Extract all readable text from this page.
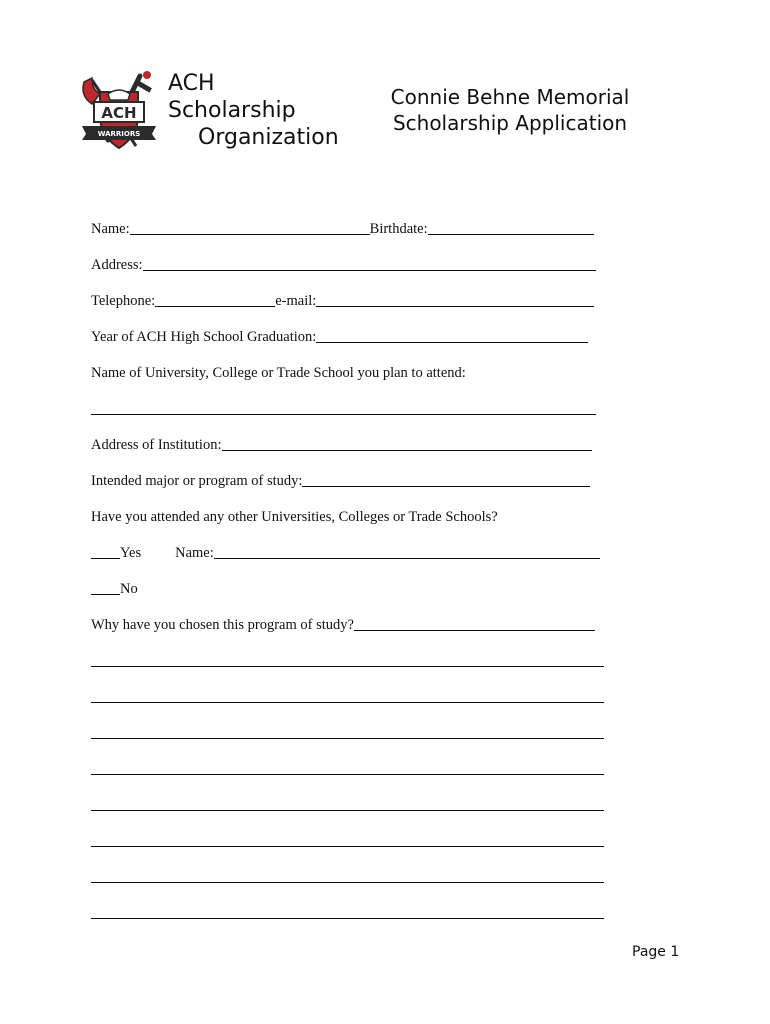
ACH
WARRIORS
ACH
Scholarship
Organization
Connie Behne Memorial
Scholarship Application
Name:	Birthdate:
Address:
Telephone:	e-mail:
Year of ACH High School Graduation:
Name of University, College or Trade School you plan to attend:
Address of Institution:
Intended major or program of study:
Have you attended any other Universities, Colleges or Trade Schools?
Yes Name:
No
Why have you chosen this program of study?
Page 1
